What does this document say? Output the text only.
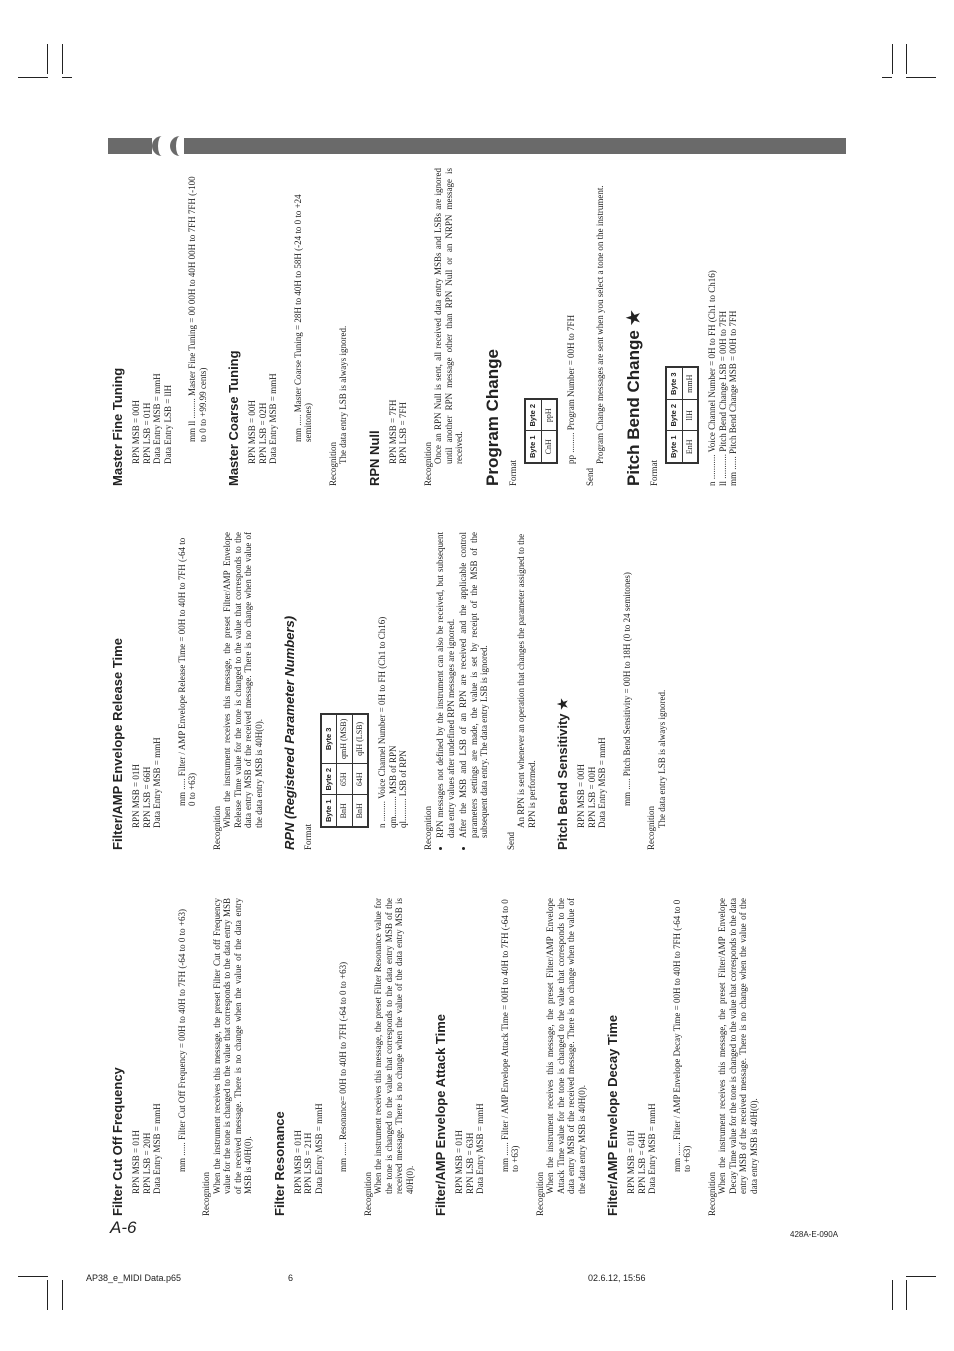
Filter Cut Off Frequency RPN MSB = 01H RPN LSB = 20H Data Entry MSB = mmH mm ...... Filter Cut Off Frequency = 00H to 40H to 7FH (-64 to 0 to +63)

Recognition When the instrument receives this message, the preset Filter Cut off Frequency value for the tone is changed to the value that corresponds to the data entry MSB of the received message. There is no change when the value of the data entry MSB is 40H(0). Filter Resonance RPN MSB = 01H RPN LSB = 21H Data Entry MSB = mmH mm ...... Resonance= 00H to 40H to 7FH (-64 to 0 to +63)

Recognition When the instrument receives this message, the preset Filter Resonance value for the tone is changed to the value that corresponds to the data entry MSB of the received message. There is no change when the value of the data entry MSB is 40H(0). Filter/AMP Envelope Attack Time RPN MSB = 01H RPN LSB = 63H Data Entry MSB = mmH mm ...... Filter / AMP Envelope Attack Time = 00H to 40H to 7FH (-64 to 0 to +63)

Recognition When the instrument receives this message, the preset Filter/AMP Envelope Attack Time value for the tone is changed to the value that corresponds to the data entry MSB of the received message. There is no change when the value of the data entry MSB is 40H(0). Filter/AMP Envelope Decay Time RPN MSB = 01H RPN LSB = 64H Data Entry MSB = mmH mm ...... Filter / AMP Envelope Decay Time = 00H to 40H to 7FH (-64 to 0 to +63)

Recognition When the instrument receives this message, the preset Filter/AMP Envelope Decay Time value for the tone is changed to the value that corresponds to the data entry MSB of the received message. There is no change when the value of the data entry MSB is 40H(0).

Filter/AMP Envelope Release Time RPN MSB = 01H RPN LSB = 66H Data Entry MSB = mmH mm ..... Filter / AMP Envelope Release Time = 00H to 40H to 7FH (-64 to 0 to +63)

Recognition When the instrument receives this message, the preset Filter/AMP Envelope Release Time value for the tone is changed to the value that corresponds to the data entry MSB of the received message. There is no change when the value of the data entry MSB is 40H(0). RPN (Registered Parameter Numbers) Format

Byte 1	Byte 2	Byte 3
BnH	65H	qmH (MSB)
BnH	64H	qlH (LSB) n ......... Voice Channel Number = 0H to FH (Ch1 to Ch16) qm......... MSB of RPN ql.......... LSB of RPN Recognition • RPN messages not defined by the instrument can also be received, but subsequent data entry values after undefined RPN messages are ignored. • After the MSB and LSB of an RPN are received and the applicable control parameters settings are made, the value is set by receipt of the MSB of the subsequent data entry. The data entry LSB is ignored.

Send

An RPN is sent whenever an operation that changes the parameter assigned to the RPN is performed. Pitch Bend Sensitivity ★ RPN MSB = 00H RPN LSB = 00H Data Entry MSB = mmH mm ..... Pitch Bend Sensitivity = 00H to 18H (0 to 24 semitones)

Recognition The data entry LSB is always ignored.

Master Fine Tuning RPN MSB = 00H RPN LSB = 01H Data Entry MSB = mmH Data Entry LSB = llH mm ll ......... Master Fine Tuning = 00 00H to 40H 00H to 7FH 7FH (-100 to 0 to +99.99 cents) Master Coarse Tuning RPN MSB = 00H RPN LSB = 02H Data Entry MSB = mmH mm ..... Master Coarse Tuning = 28H to 40H to 58H (-24 to 0 to +24 semitones)

Recognition The data entry LSB is always ignored. RPN Null RPN MSB = 7FH RPN LSB = 7FH Recognition Once an RPN Null is sent, all received data entry MSBs and LSBs are ignored until another RPN message other than RPN Null or an NRPN message is received. Program Change Format

Byte 1	Byte 2
CnH	ppH pp ......... Program Number = 00H to 7FH

Send

Program Change messages are sent when you select a tone on the instrument. Pitch Bend Change ★ Format

Byte 1	Byte 2	Byte 3
EnH	llH	mmH n ........... Voice Channel Number = 0H to FH (Ch1 to Ch16) ll ........... Pitch Bend Change LSB = 00H to 7FH mm ...... Pitch Bend Change MSB = 00H to 7FH

A-6	428A-E-090A
AP38_e_MIDI Data.p65	6	02.6.12, 15:56
